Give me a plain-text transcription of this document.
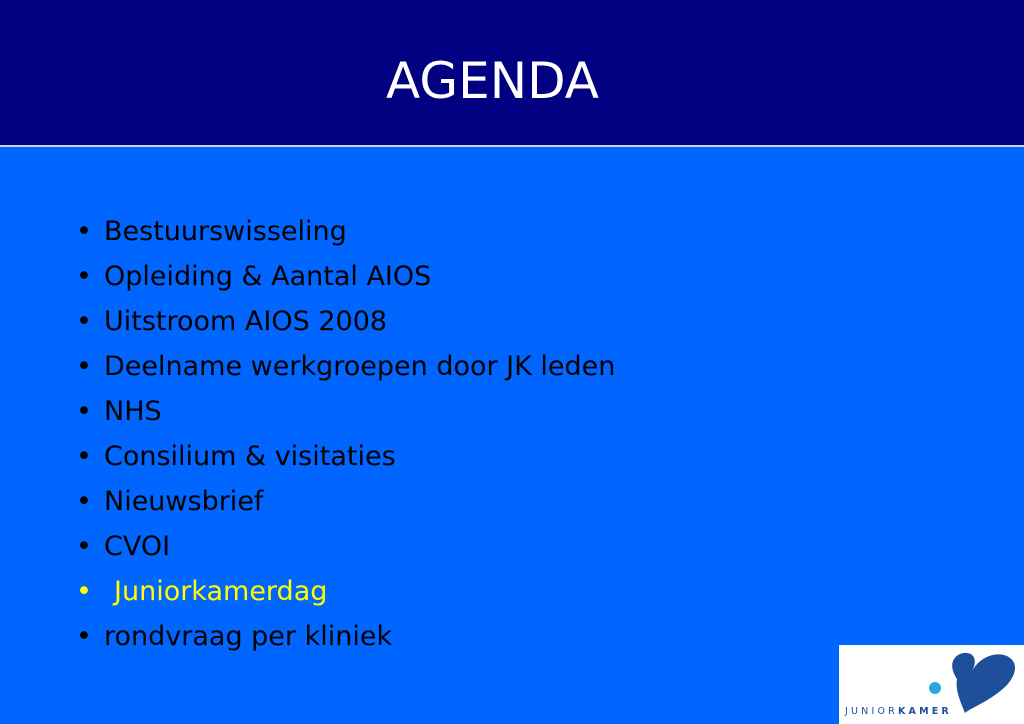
AGENDA
• Bestuurswisseling
• Opleiding & Aantal AIOS
• Uitstroom AIOS 2008
• Deelname werkgroepen door JK leden
• NHS
• Consilium & visitaties
• Nieuwsbrief
• CVOI
• Juniorkamerdag
• rondvraag per kliniek
JUNIORKAMER
